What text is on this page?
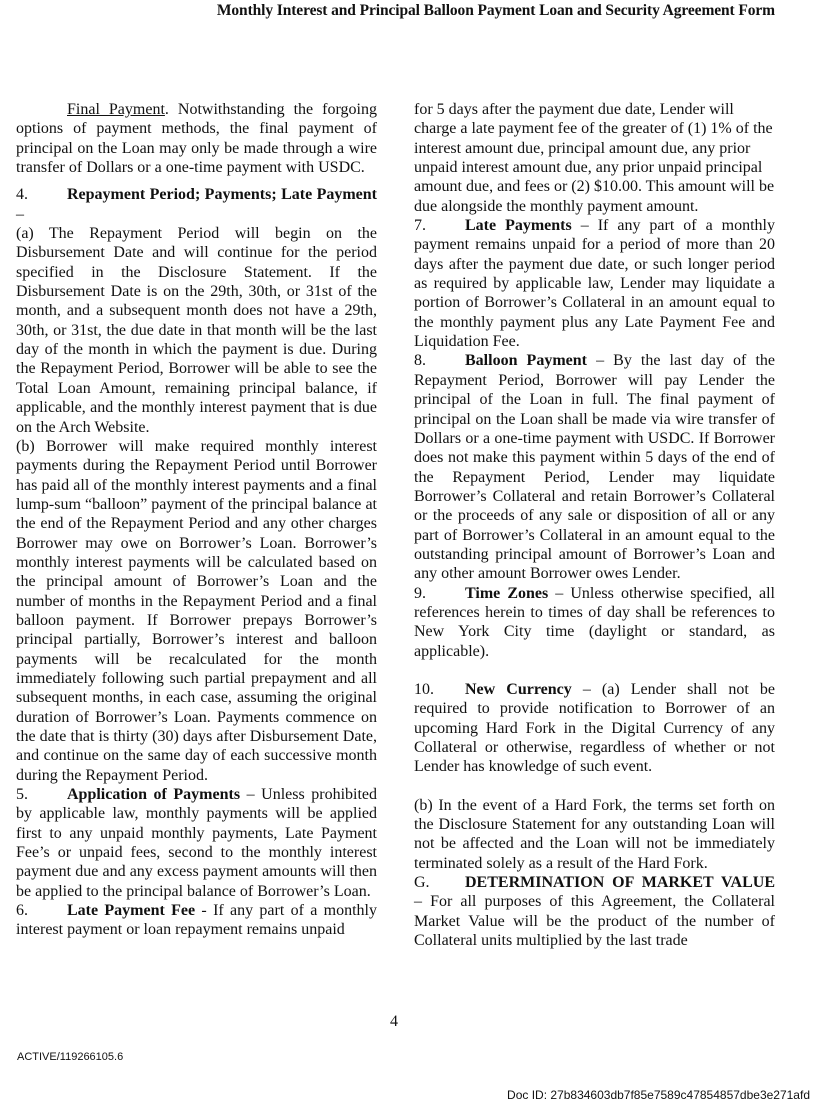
Monthly Interest and Principal Balloon Payment Loan and Security Agreement Form

Final Payment. Notwithstanding the forgoing options of payment methods, the final payment of principal on the Loan may only be made through a wire transfer of Dollars or a one-time payment with USDC.

4. Repayment Period; Payments; Late Payment –

(a) The Repayment Period will begin on the Disbursement Date and will continue for the period specified in the Disclosure Statement. If the Disbursement Date is on the 29th, 30th, or 31st of the month, and a subsequent month does not have a 29th, 30th, or 31st, the due date in that month will be the last day of the month in which the payment is due. During the Repayment Period, Borrower will be able to see the Total Loan Amount, remaining principal balance, if applicable, and the monthly interest payment that is due on the Arch Website.

(b) Borrower will make required monthly interest payments during the Repayment Period until Borrower has paid all of the monthly interest payments and a final lump-sum “balloon” payment of the principal balance at the end of the Repayment Period and any other charges Borrower may owe on Borrower’s Loan. Borrower’s monthly interest payments will be calculated based on the principal amount of Borrower’s Loan and the number of months in the Repayment Period and a final balloon payment. If Borrower prepays Borrower’s principal partially, Borrower’s interest and balloon payments will be recalculated for the month immediately following such partial prepayment and all subsequent months, in each case, assuming the original duration of Borrower’s Loan. Payments commence on the date that is thirty (30) days after Disbursement Date, and continue on the same day of each successive month during the Repayment Period.

5. Application of Payments – Unless prohibited by applicable law, monthly payments will be applied first to any unpaid monthly payments, Late Payment Fee’s or unpaid fees, second to the monthly interest payment due and any excess payment amounts will then be applied to the principal balance of Borrower’s Loan.

6. Late Payment Fee - If any part of a monthly interest payment or loan repayment remains unpaid

for 5 days after the payment due date, Lender will charge a late payment fee of the greater of (1) 1% of the interest amount due, principal amount due, any prior unpaid interest amount due, any prior unpaid principal amount due, and fees or (2) $10.00. This amount will be due alongside the monthly payment amount.

7. Late Payments – If any part of a monthly payment remains unpaid for a period of more than 20 days after the payment due date, or such longer period as required by applicable law, Lender may liquidate a portion of Borrower’s Collateral in an amount equal to the monthly payment plus any Late Payment Fee and Liquidation Fee.

8. Balloon Payment – By the last day of the Repayment Period, Borrower will pay Lender the principal of the Loan in full. The final payment of principal on the Loan shall be made via wire transfer of Dollars or a one-time payment with USDC. If Borrower does not make this payment within 5 days of the end of the Repayment Period, Lender may liquidate Borrower’s Collateral and retain Borrower’s Collateral or the proceeds of any sale or disposition of all or any part of Borrower’s Collateral in an amount equal to the outstanding principal amount of Borrower’s Loan and any other amount Borrower owes Lender.

9. Time Zones – Unless otherwise specified, all references herein to times of day shall be references to New York City time (daylight or standard, as applicable).

10. New Currency – (a) Lender shall not be required to provide notification to Borrower of an upcoming Hard Fork in the Digital Currency of any Collateral or otherwise, regardless of whether or not Lender has knowledge of such event.

(b) In the event of a Hard Fork, the terms set forth on the Disclosure Statement for any outstanding Loan will not be affected and the Loan will not be immediately terminated solely as a result of the Hard Fork.

G. DETERMINATION OF MARKET VALUE – For all purposes of this Agreement, the Collateral Market Value will be the product of the number of Collateral units multiplied by the last trade

4
ACTIVE/119266105.6
Doc ID: 27b834603db7f85e7589c47854857dbe3e271afd
